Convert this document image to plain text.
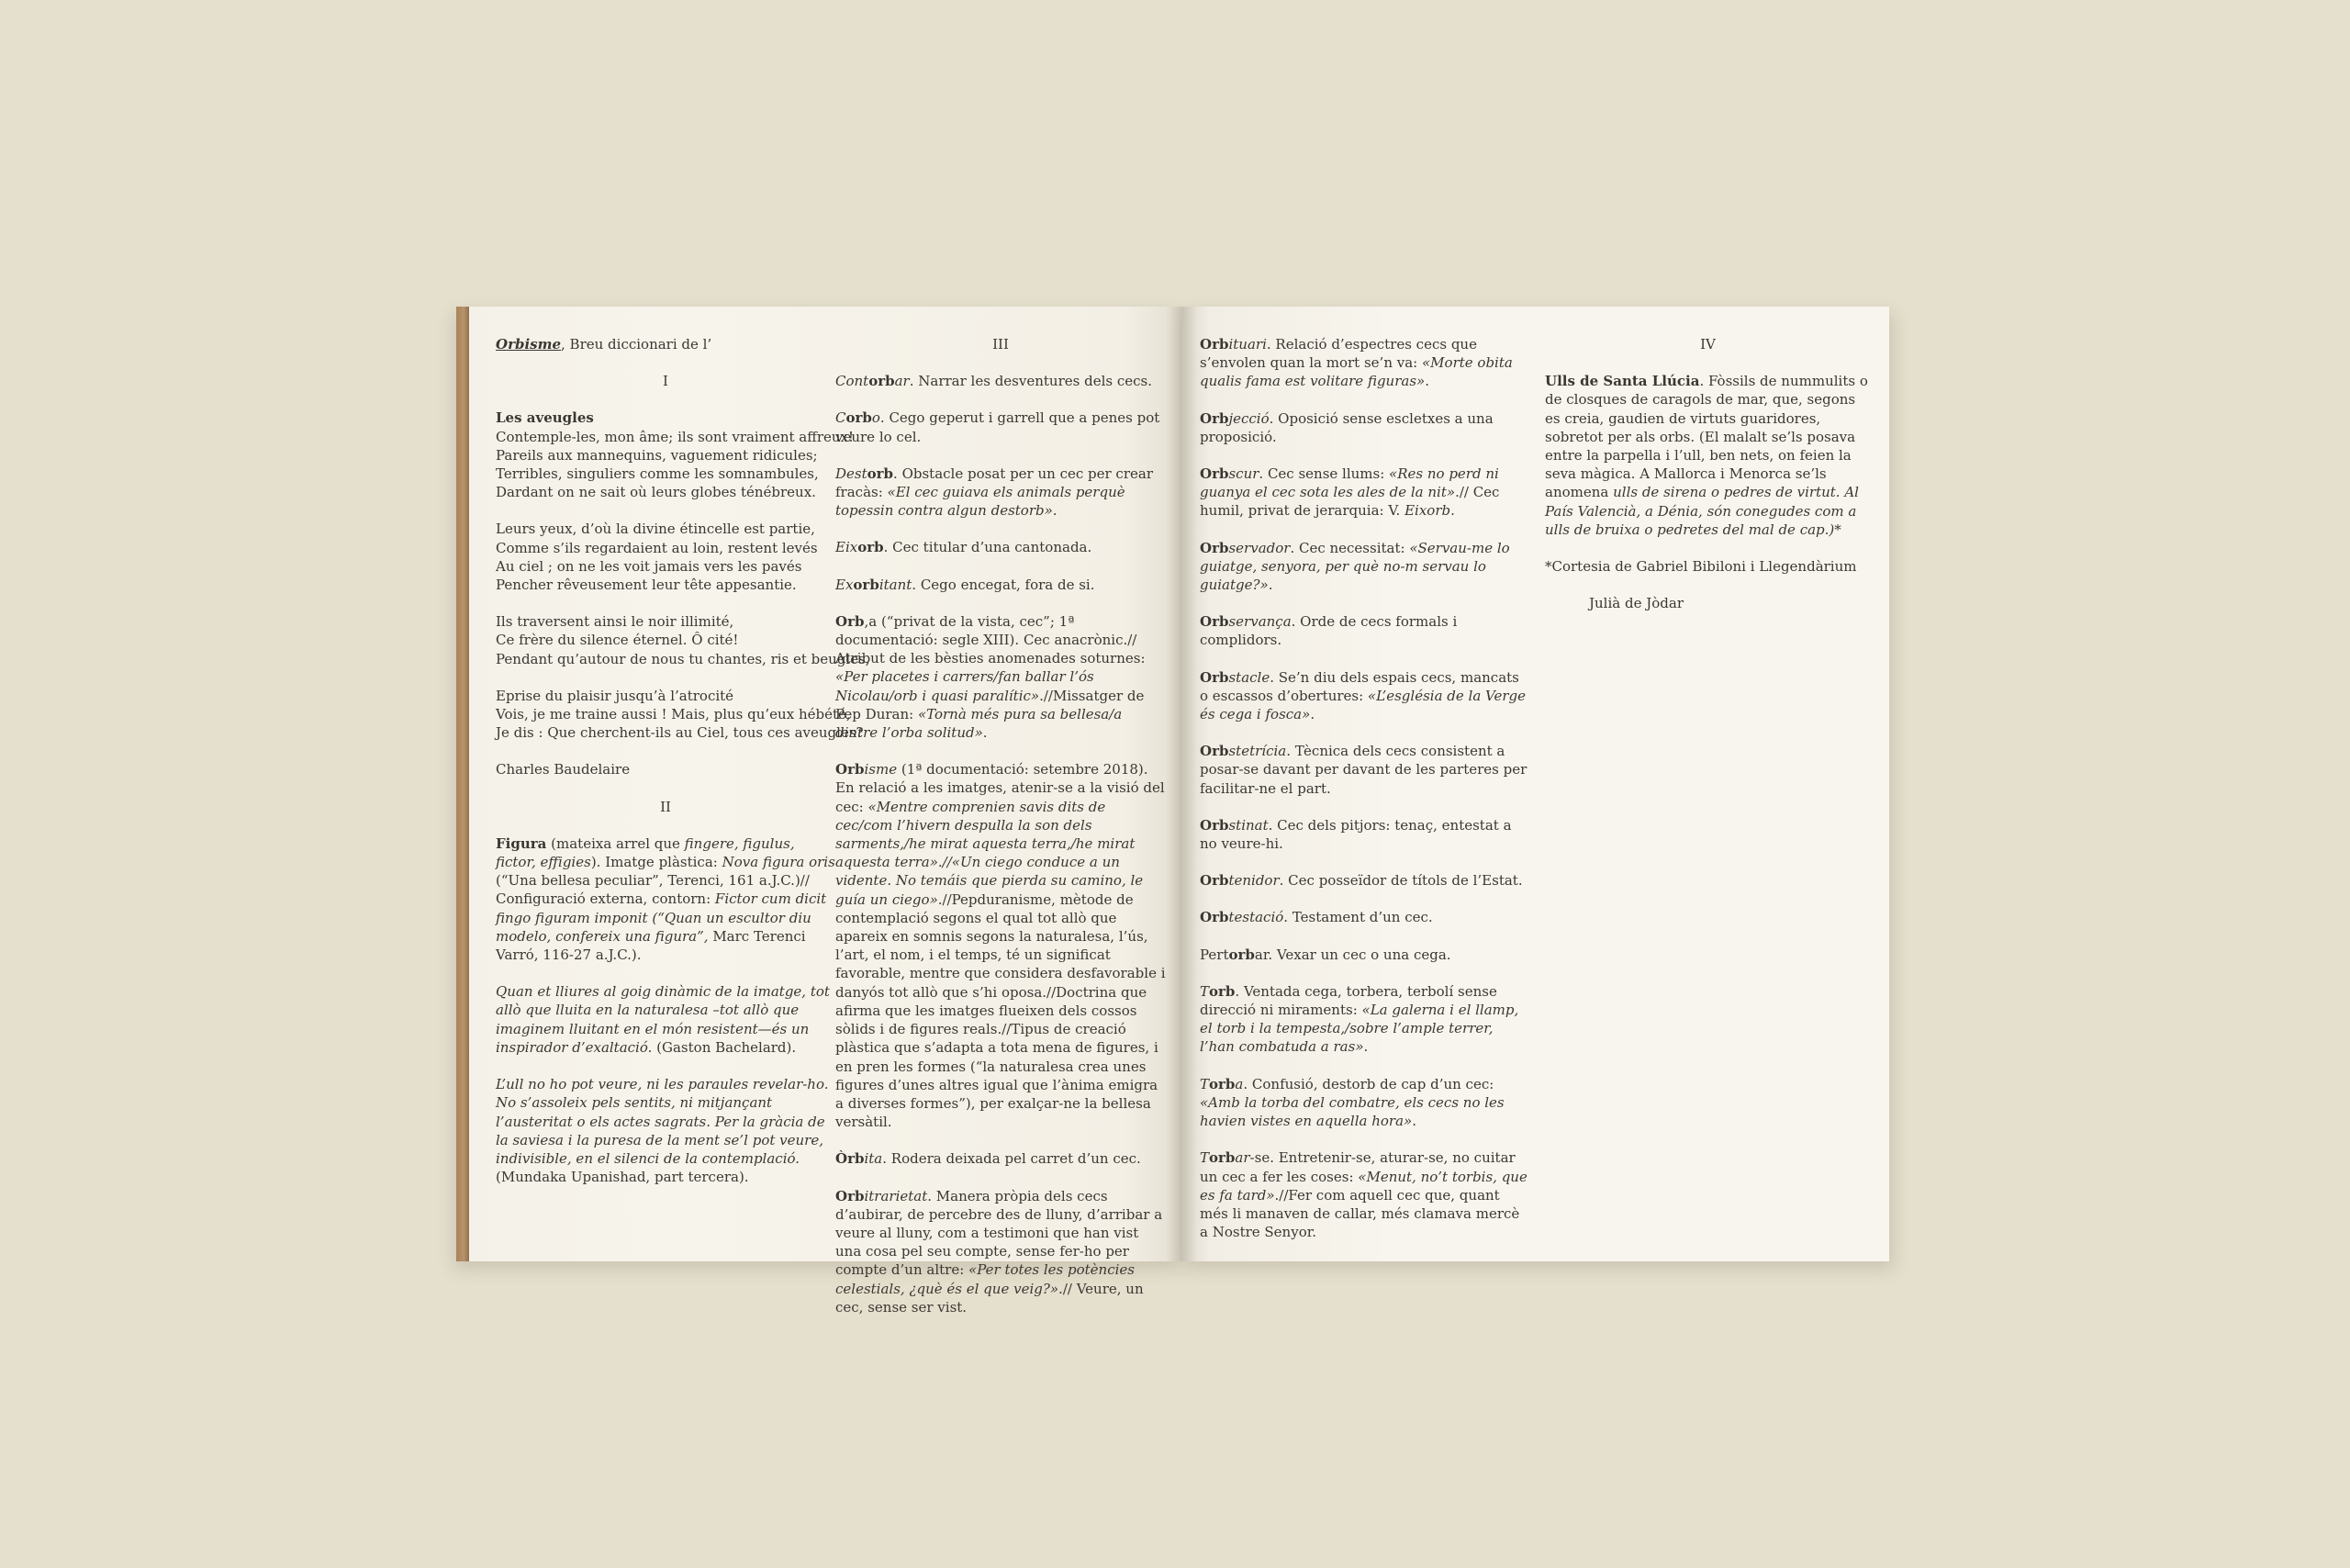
Orbisme, Breu diccionari de l’
I
Les aveugles
Contemple-les, mon âme; ils sont vraiment affreux!
Pareils aux mannequins, vaguement ridicules;
Terribles, singuliers comme les somnambules,
Dardant on ne sait où leurs globes ténébreux.
Leurs yeux, d’où la divine étincelle est partie,
Comme s’ils regardaient au loin, restent levés
Au ciel ; on ne les voit jamais vers les pavés
Pencher rêveusement leur tête appesantie.
Ils traversent ainsi le noir illimité,
Ce frère du silence éternel. Ô cité!
Pendant qu’autour de nous tu chantes, ris et beugles,
Eprise du plaisir jusqu’à l’atrocité
Vois, je me traine aussi ! Mais, plus qu’eux hébété,
Je dis : Que cherchent-ils au Ciel, tous ces aveugles?

Charles Baudelaire

II

Figura (mateixa arrel que fingere, figulus, fictor, effigies). Imatge plàstica: Nova figura oris (“Una bellesa peculiar”, Terenci, 161 a.J.C.)// Configuració externa, contorn: Fictor cum dicit fingo figuram imponit (“Quan un escultor diu modelo, confereix una figura”, Marc Terenci Varró, 116-27 a.J.C.).

Quan et lliures al goig dinàmic de la imatge, tot allò que lluita en la naturalesa –tot allò que imaginem lluitant en el món resistent—és un inspirador d’exaltació. (Gaston Bachelard).

L’ull no ho pot veure, ni les paraules revelar-ho. No s’assoleix pels sentits, ni mitjançant l’austeritat o els actes sagrats. Per la gràcia de la saviesa i la puresa de la ment se’l pot veure, indivisible, en el silenci de la contemplació. (Mundaka Upanishad, part tercera).

III

Contorbar. Narrar les desventures dels cecs.

Corbo. Cego geperut i garrell que a penes pot veure lo cel.

Destorb. Obstacle posat per un cec per crear fracàs: «El cec guiava els animals perquè topessin contra algun destorb».

Eixorb. Cec titular d’una cantonada.

Exorbitant. Cego encegat, fora de si.

Orb,a (“privat de la vista, cec”; 1ª documentació: segle XIII). Cec anacrònic.// Atribut de les bèsties anomenades soturnes: «Per placetes i carrers/fan ballar l’ós Nicolau/orb i quasi paralític».//Missatger de Pep Duran: «Tornà més pura sa bellesa/a dintre l’orba solitud».

Orbisme (1ª documentació: setembre 2018). En relació a les imatges, atenir-se a la visió del cec: «Mentre comprenien savis dits de cec/com l’hivern despulla la son dels sarments,/he mirat aquesta terra,/he mirat aquesta terra».//«Un ciego conduce a un vidente. No temáis que pierda su camino, le guía un ciego».//Pepduranisme, mètode de contemplació segons el qual tot allò que apareix en somnis segons la naturalesa, l’ús, l’art, el nom, i el temps, té un significat favorable, mentre que considera desfavorable i danyós tot allò que s’hi oposa.//Doctrina que afirma que les imatges flueixen dels cossos sòlids i de figures reals.//Tipus de creació plàstica que s’adapta a tota mena de figures, i en pren les formes (“la naturalesa crea unes figures d’unes altres igual que l’ànima emigra a diverses formes”), per exalçar-ne la bellesa versàtil.

Òrbita. Rodera deixada pel carret d’un cec.

Orbitrarietat. Manera pròpia dels cecs d’aubirar, de percebre des de lluny, d’arribar a veure al lluny, com a testimoni que han vist una cosa pel seu compte, sense fer-ho per compte d’un altre: «Per totes les potències celestials, ¿què és el que veig?».// Veure, un cec, sense ser vist.

Orbituari. Relació d’espectres cecs que s’envolen quan la mort se’n va: «Morte obita qualis fama est volitare figuras».

Orbjecció. Oposició sense escletxes a una proposició.

Orbscur. Cec sense llums: «Res no perd ni guanya el cec sota les ales de la nit».// Cec humil, privat de jerarquia: V. Eixorb.

Orbservador. Cec necessitat: «Servau-me lo guiatge, senyora, per què no-m servau lo guiatge?».

Orbservança. Orde de cecs formals i complidors.

Orbstacle. Se’n diu dels espais cecs, mancats o escassos d’obertures: «L’església de la Verge és cega i fosca».

Orbstetrícia. Tècnica dels cecs consistent a posar-se davant per davant de les parteres per facilitar-ne el part.

Orbstinat. Cec dels pitjors: tenaç, entestat a no veure-hi.

Orbtenidor. Cec posseïdor de títols de l’Estat.

Orbtestació. Testament d’un cec.

Pertorbar. Vexar un cec o una cega.

Torb. Ventada cega, torbera, terbolí sense direcció ni miraments: «La galerna i el llamp, el torb i la tempesta,/sobre l’ample terrer, l’han combatuda a ras».

Torba. Confusió, destorb de cap d’un cec: «Amb la torba del combatre, els cecs no les havien vistes en aquella hora».

Torbar-se. Entretenir-se, aturar-se, no cuitar un cec a fer les coses: «Menut, no’t torbis, que es fa tard».//Fer com aquell cec que, quant més li manaven de callar, més clamava mercè a Nostre Senyor.

IV

Ulls de Santa Llúcia. Fòssils de nummulits o de closques de caragols de mar, que, segons es creia, gaudien de virtuts guaridores, sobretot per als orbs. (El malalt se’ls posava entre la parpella i l’ull, ben nets, on feien la seva màgica. A Mallorca i Menorca se’ls anomena ulls de sirena o pedres de virtut. Al País Valencià, a Dénia, són conegudes com a ulls de bruixa o pedretes del mal de cap.)*

*Cortesia de Gabriel Bibiloni i Llegendàrium

Julià de Jòdar
